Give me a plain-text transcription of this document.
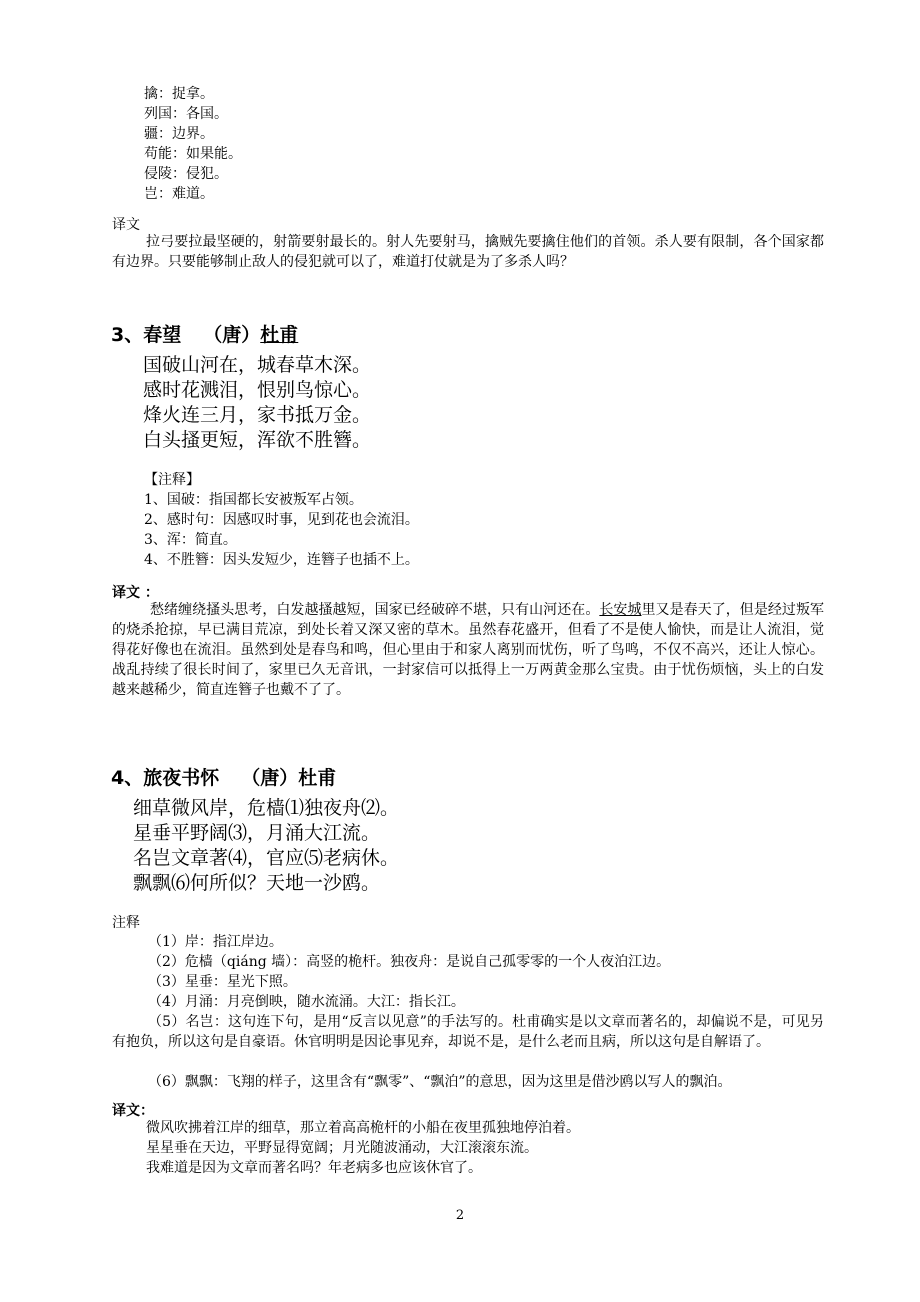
擒：捉拿。

列国：各国。

疆：边界。

苟能：如果能。

侵陵：侵犯。

岂：难道。

译文
拉弓要拉最坚硬的，射箭要射最长的。射人先要射马，擒贼先要擒住他们的首领。杀人要有限制，各个国家都有边界。只要能够制止敌人的侵犯就可以了，难道打仗就是为了多杀人吗？
3、春望 （唐）杜甫

国破山河在，城春草木深。

感时花溅泪，恨别鸟惊心。

烽火连三月，家书抵万金。

白头搔更短，浑欲不胜簪。

【注释】

1、国破：指国都长安被叛军占领。

2、感时句：因感叹时事，见到花也会流泪。

3、浑：简直。

4、不胜簪：因头发短少，连簪子也插不上。

译文 ：
愁绪缠绕搔头思考，白发越搔越短，国家已经破碎不堪，只有山河还在。长安城里又是春天了，但是经过叛军的烧杀抢掠，早已满目荒凉，到处长着又深又密的草木。虽然春花盛开，但看了不是使人愉快，而是让人流泪，觉得花好像也在流泪。虽然到处是春鸟和鸣，但心里由于和家人离别而忧伤，听了鸟鸣，不仅不高兴，还让人惊心。战乱持续了很长时间了，家里已久无音讯，一封家信可以抵得上一万两黄金那么宝贵。由于忧伤烦恼，头上的白发越来越稀少，简直连簪子也戴不了了。
4、旅夜书怀 （唐）杜甫

细草微风岸，危樯⑴独夜舟⑵。

星垂平野阔⑶，月涌大江流。

名岂文章著⑷，官应⑸老病休。

飘飘⑹何所似？天地一沙鸥。

注释

（1）岸：指江岸边。

（2）危樯（qiáng 墙）：高竖的桅杆。独夜舟：是说自己孤零零的一个人夜泊江边。

（3）星垂：星光下照。

（4）月涌：月亮倒映，随水流涌。大江：指长江。

（5）名岂：这句连下句，是用“反言以见意”的手法写的。杜甫确实是以文章而著名的，却偏说不是，可见另有抱负，所以这句是自豪语。休官明明是因论事见弃，却说不是，是什么老而且病，所以这句是自解语了。
（6）飘飘：飞翔的样子，这里含有“飘零”、“飘泊”的意思，因为这里是借沙鸥以写人的飘泊。
译文：

微风吹拂着江岸的细草，那立着高高桅杆的小船在夜里孤独地停泊着。

星星垂在天边，平野显得宽阔；月光随波涌动，大江滚滚东流。

我难道是因为文章而著名吗？年老病多也应该休官了。

2
